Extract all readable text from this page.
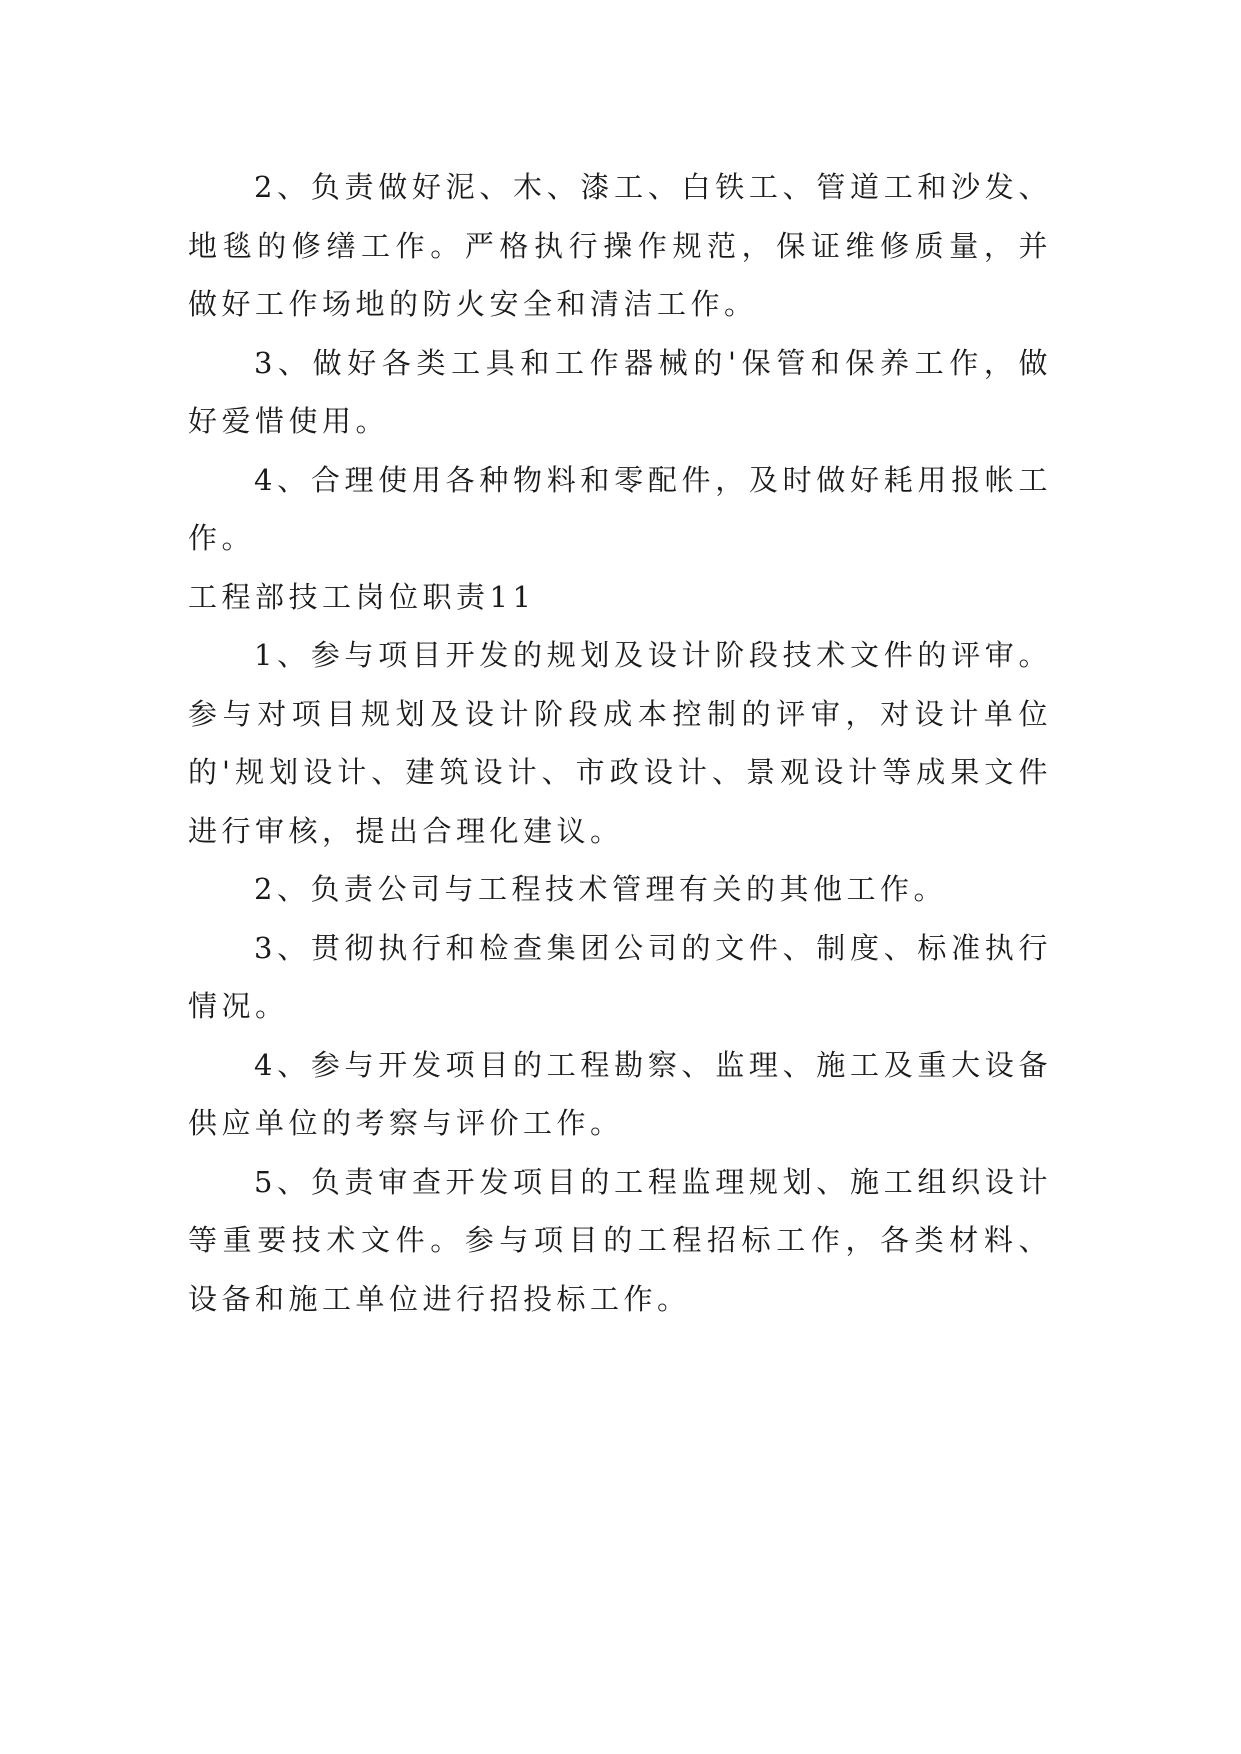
2、负责做好泥、木、漆工、白铁工、管道工和沙发、地毯的修缮工作。严格执行操作规范，保证维修质量，并做好工作场地的防火安全和清洁工作。

3、做好各类工具和工作器械的'保管和保养工作，做好爱惜使用。

4、合理使用各种物料和零配件，及时做好耗用报帐工作。

工程部技工岗位职责11

1、参与项目开发的规划及设计阶段技术文件的评审。参与对项目规划及设计阶段成本控制的评审，对设计单位的'规划设计、建筑设计、市政设计、景观设计等成果文件进行审核，提出合理化建议。

2、负责公司与工程技术管理有关的其他工作。

3、贯彻执行和检查集团公司的文件、制度、标准执行情况。

4、参与开发项目的工程勘察、监理、施工及重大设备供应单位的考察与评价工作。

5、负责审查开发项目的工程监理规划、施工组织设计等重要技术文件。参与项目的工程招标工作，各类材料、设备和施工单位进行招投标工作。
